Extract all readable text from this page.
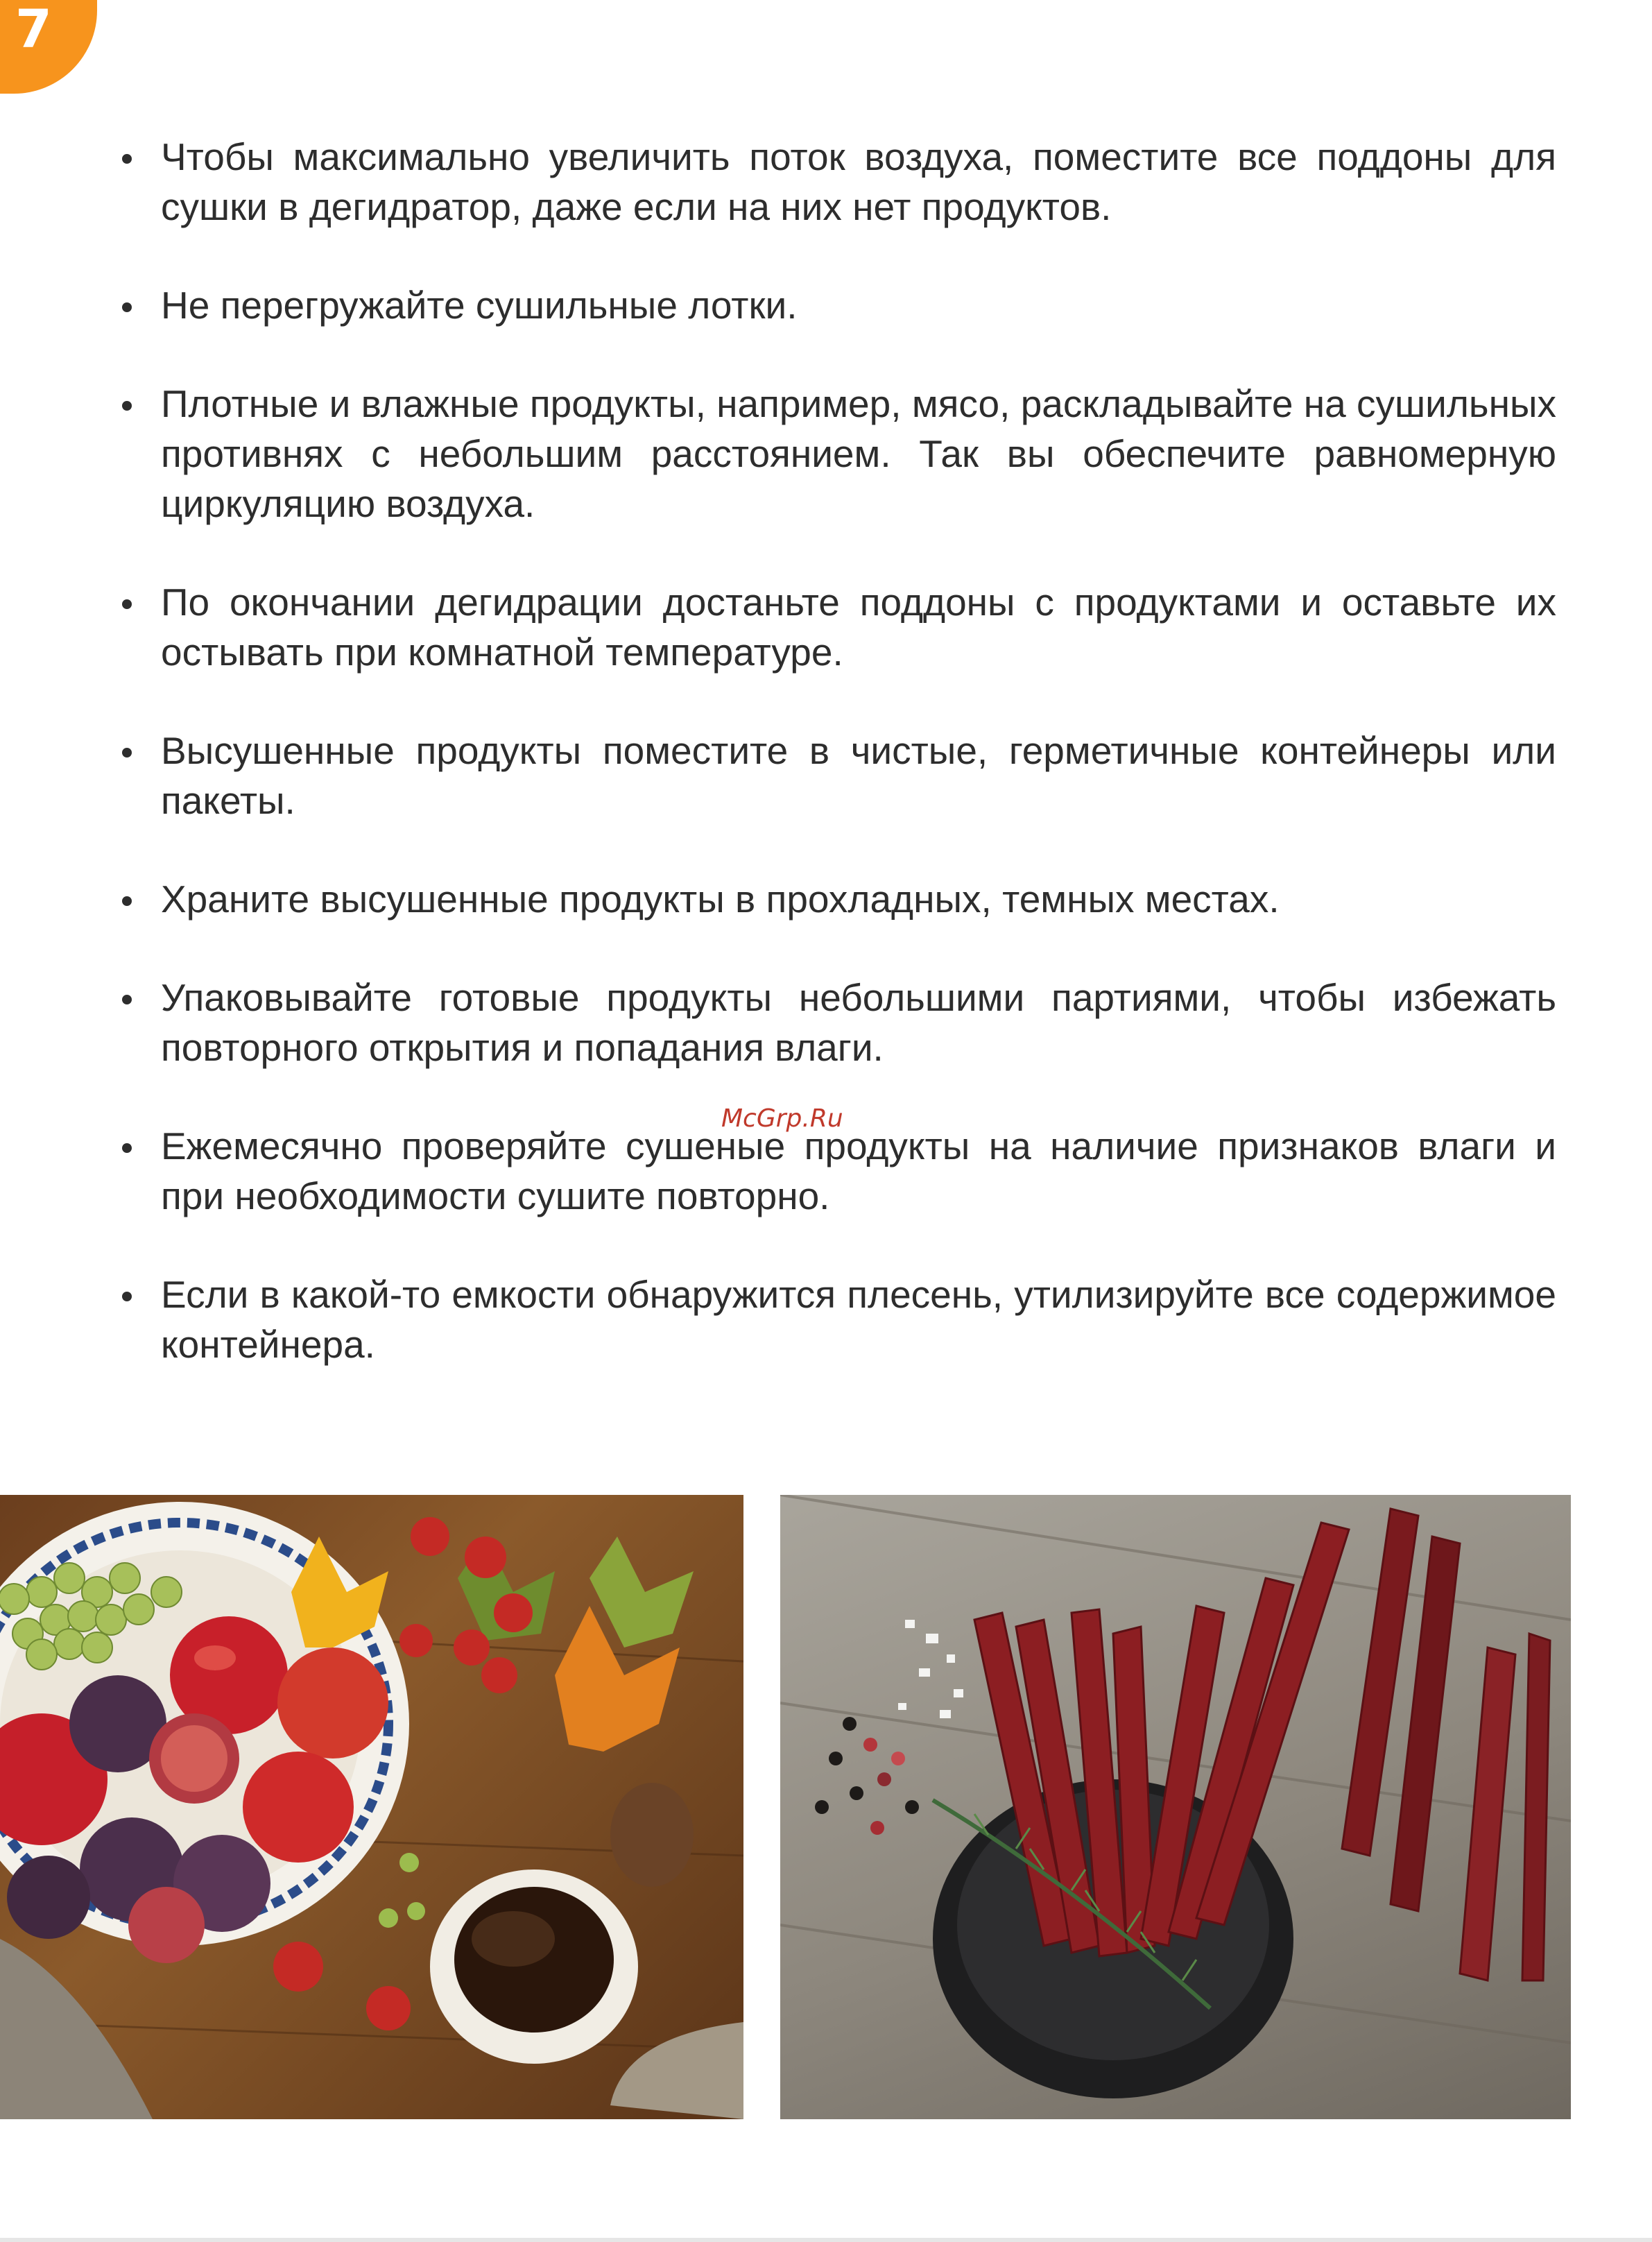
7
Чтобы максимально увеличить поток воздуха, поместите все поддоны для сушки в дегидратор, даже если на них нет продуктов.
Не перегружайте сушильные лотки.
Плотные и влажные продукты, например, мясо, раскладывайте на сушильных противнях с небольшим расстоянием. Так вы обеспечите равномерную циркуляцию воздуха.
По окончании дегидрации достаньте поддоны с продуктами и оставьте их остывать при комнатной температуре.
Высушенные продукты поместите в чистые, герметичные контейнеры или пакеты.
Храните высушенные продукты в прохладных, темных местах.
Упаковывайте готовые продукты небольшими партиями, чтобы избежать повторного открытия и попадания влаги.
Ежемесячно проверяйте сушеные продукты на наличие признаков влаги и при необходимости сушите повторно.
Если в какой-то емкости обнаружится плесень, утилизируйте все содержимое контейнера.
McGrp.Ru
